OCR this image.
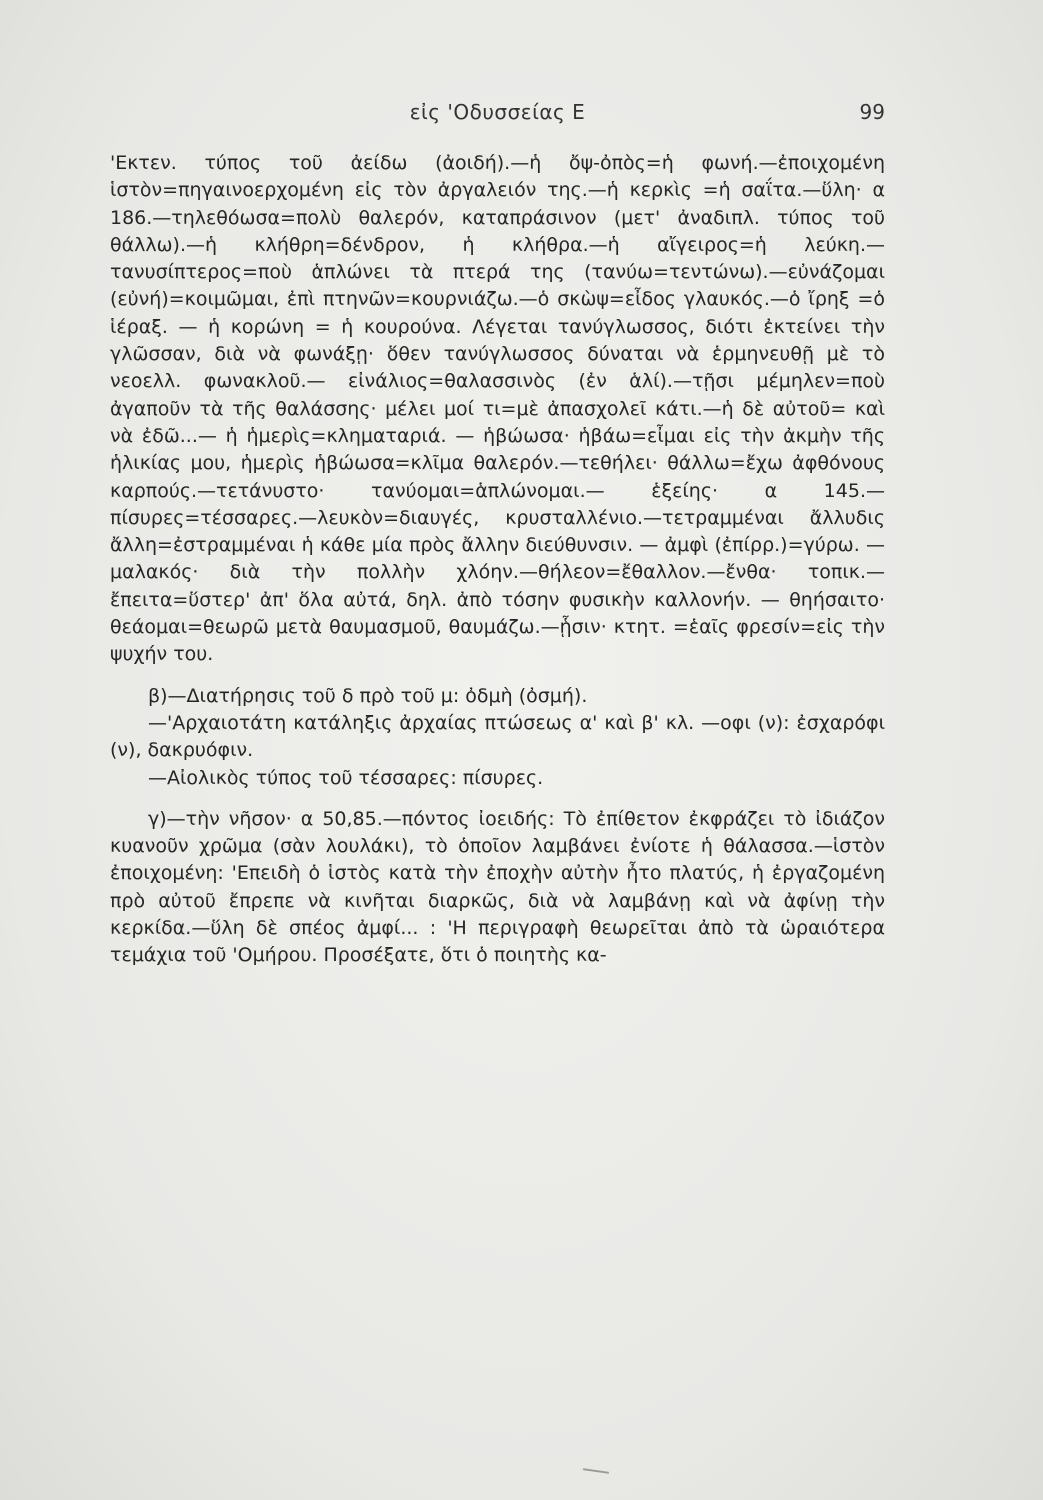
εἰς 'Οδυσσείας Ε	99

'Εκτεν. τύπος τοῦ ἀείδω (ἀοιδή).—ἡ ὄψ-ὀπὸς=ἡ φωνή.—ἐποιχομένη ἱστὸν=πηγαινοερχομένη εἰς τὸν ἀργαλειόν της.—ἡ κερκὶς =ἡ σαΐτα.—ὕλη· α 186.—τηλεθόωσα=πολὺ θαλερόν, καταπράσινον (μετ' ἀναδιπλ. τύπος τοῦ θάλλω).—ἡ κλήθρη=δένδρον, ἡ κλήθρα.—ἡ αἴγειρος=ἡ λεύκη.—τανυσίπτερος=ποὺ ἁπλώνει τὰ πτερά της (τανύω=τεντώνω).—εὐνάζομαι (εὐνή)=κοιμῶμαι, ἐπὶ πτηνῶν=κουρνιάζω.—ὁ σκὼψ=εἶδος γλαυκός.—ὁ ἴρηξ =ὁ ἱέραξ. — ἡ κορώνη = ἡ κουρούνα. Λέγεται τανύγλωσσος, διότι ἐκτείνει τὴν γλῶσσαν, διὰ νὰ φωνάξῃ· ὅθεν τανύγλωσσος δύναται νὰ ἑρμηνευθῇ μὲ τὸ νεοελλ. φωνακλοῦ.— εἰνάλιος=θαλασσινὸς (ἐν ἁλί).—τῇσι μέμηλεν=ποὺ ἀγαποῦν τὰ τῆς θαλάσσης· μέλει μοί τι=μὲ ἀπασχολεῖ κάτι.—ἡ δὲ αὐτοῦ= καὶ νὰ ἐδῶ...— ἡ ἡμερὶς=κληματαριά. — ἡβώωσα· ἡβάω=εἶμαι εἰς τὴν ἀκμὴν τῆς ἡλικίας μου, ἡμερὶς ἡβώωσα=κλῖμα θαλερόν.—τεθήλει· θάλλω=ἔχω ἀφθόνους καρπούς.—τετάνυστο· τανύομαι=ἁπλώνομαι.— ἑξείης· α 145.—πίσυρες=τέσσαρες.—λευκὸν=διαυγές, κρυσταλλένιο.—τετραμμέναι ἄλλυδις ἄλλη=ἐστραμμέναι ἡ κάθε μία πρὸς ἄλλην διεύθυνσιν. — ἀμφὶ (ἐπίρρ.)=γύρω. — μαλακός· διὰ τὴν πολλὴν χλόην.—θήλεον=ἔθαλλον.—ἔνθα· τοπικ.—ἔπειτα=ὕστερ' ἀπ' ὅλα αὐτά, δηλ. ἀπὸ τόσην φυσικὴν καλλονήν. — θηήσαιτο· θεάομαι=θεωρῶ μετὰ θαυμασμοῦ, θαυμάζω.—ᾗσιν· κτητ. =ἑαῖς φρεσίν=εἰς τὴν ψυχήν του.

β)—Διατήρησις τοῦ δ πρὸ τοῦ μ: ὀδμὴ (ὀσμή).

—'Αρχαιοτάτη κατάληξις ἀρχαίας πτώσεως α' καὶ β' κλ. —οφι (ν): ἐσχαρόφι (ν), δακρυόφιν.

—Αἰολικὸς τύπος τοῦ τέσσαρες: πίσυρες.

γ)—τὴν νῆσον· α 50,85.—πόντος ἰοειδής: Τὸ ἐπίθετον ἐκφράζει τὸ ἰδιάζον κυανοῦν χρῶμα (σὰν λουλάκι), τὸ ὁποῖον λαμβάνει ἐνίοτε ἡ θάλασσα.—ἱστὸν ἐποιχομένη: 'Επειδὴ ὁ ἱστὸς κατὰ τὴν ἐποχὴν αὐτὴν ἦτο πλατύς, ἡ ἐργαζομένη πρὸ αὐτοῦ ἔπρεπε νὰ κινῆται διαρκῶς, διὰ νὰ λαμβάνῃ καὶ νὰ ἀφίνῃ τὴν κερκίδα.—ὕλη δὲ σπέος ἀμφί... : 'Η περιγραφὴ θεωρεῖται ἀπὸ τὰ ὡραιότερα τεμάχια τοῦ 'Ομήρου. Προσέξατε, ὅτι ὁ ποιητὴς κα-
